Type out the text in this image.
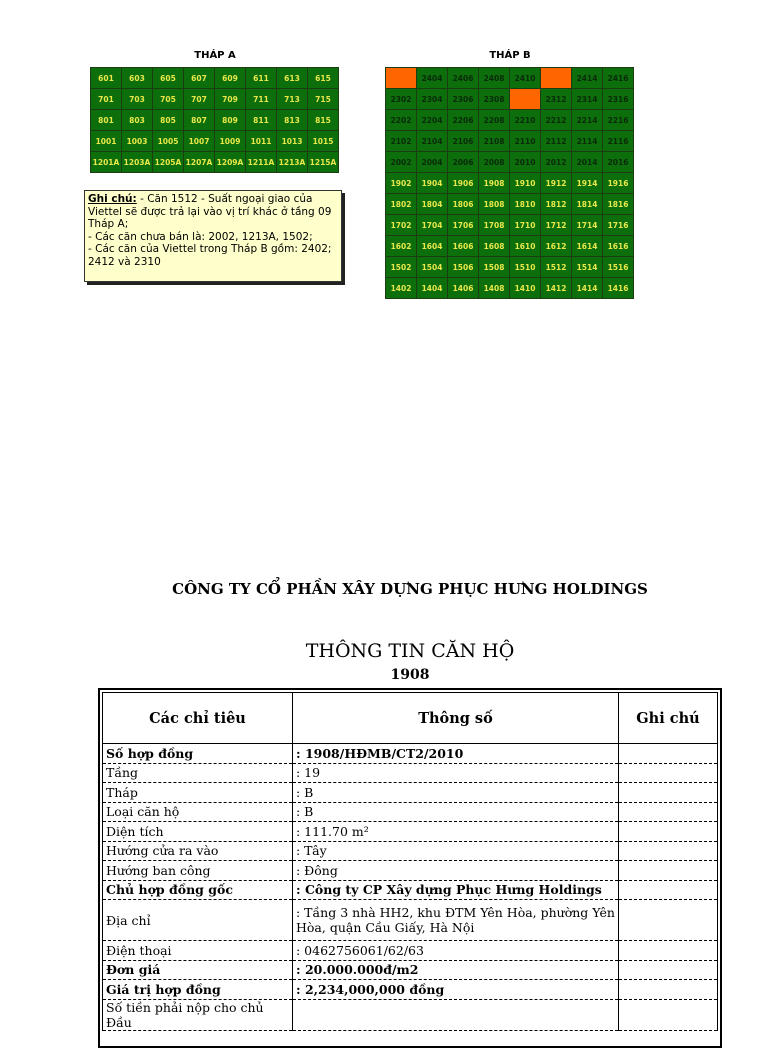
THÁP A
601	603	605	607	609	611	613	615
701	703	705	707	709	711	713	715
801	803	805	807	809	811	813	815
1001	1003	1005	1007	1009	1011	1013	1015
1201A	1203A	1205A	1207A	1209A	1211A	1213A	1215A
THÁP B
	2404	2406	2408	2410		2414	2416
2302	2304	2306	2308		2312	2314	2316
2202	2204	2206	2208	2210	2212	2214	2216
2102	2104	2106	2108	2110	2112	2114	2116
2002	2004	2006	2008	2010	2012	2014	2016
1902	1904	1906	1908	1910	1912	1914	1916
1802	1804	1806	1808	1810	1812	1814	1816
1702	1704	1706	1708	1710	1712	1714	1716
1602	1604	1606	1608	1610	1612	1614	1616
1502	1504	1506	1508	1510	1512	1514	1516
1402	1404	1406	1408	1410	1412	1414	1416
Ghi chú: - Căn 1512 - Suất ngoại giao của Viettel sẽ được trả lại vào vị trí khác ở tầng 09 Tháp A;
- Các căn chưa bán là: 2002, 1213A, 1502;
- Các căn của Viettel trong Tháp B gồm: 2402; 2412 và 2310
CÔNG TY CỔ PHẦN XÂY DỰNG PHỤC HƯNG HOLDINGS
THÔNG TIN CĂN HỘ
1908
Các chỉ tiêu	Thông số	Ghi chú
Số hợp đồng	: 1908/HĐMB/CT2/2010	
Tầng	: 19	
Tháp	: B	
Loại căn hộ	: B	
Diện tích	: 111.70 m²	
Hướng cửa ra vào	: Tây	
Hướng ban công	: Đông	
Chủ hợp đồng gốc	: Công ty CP Xây dựng Phục Hưng Holdings	
Địa chỉ	: Tầng 3 nhà HH2, khu ĐTM Yên Hòa, phường Yên Hòa, quận Cầu Giấy, Hà Nội	
Điện thoại	: 0462756061/62/63	
Đơn giá	: 20.000.000đ/m2	
Giá trị hợp đồng	: 2,234,000,000 đồng	
Số tiền phải nộp cho chủ Đầu		
